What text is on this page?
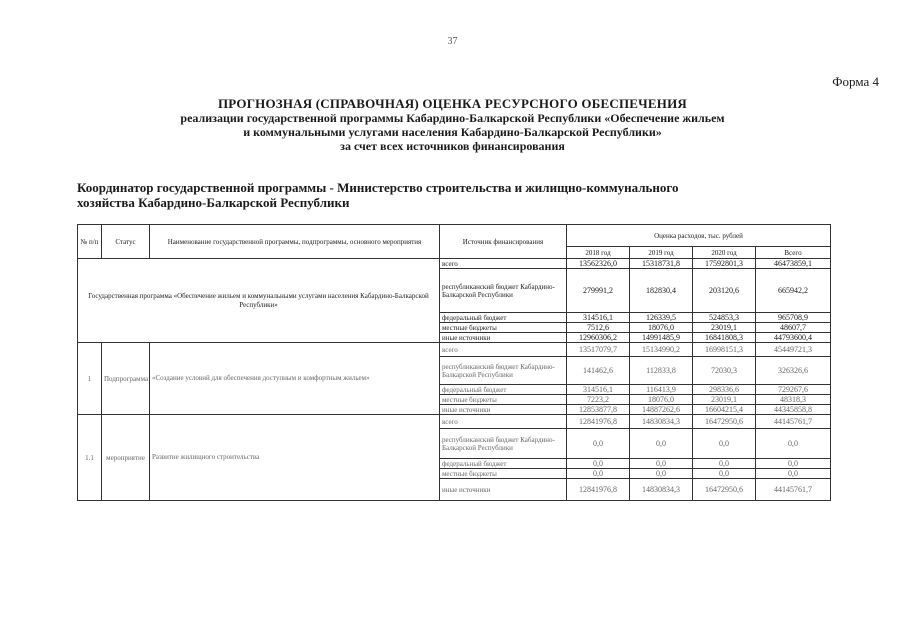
37
Форма 4
ПРОГНОЗНАЯ (СПРАВОЧНАЯ) ОЦЕНКА РЕСУРСНОГО ОБЕСПЕЧЕНИЯ
реализации государственной программы Кабардино-Балкарской Республики «Обеспечение жильем
и коммунальными услугами населения Кабардино-Балкарской Республики»
за счет всех источников финансирования
Координатор государственной программы - Министерство строительства и жилищно-коммунального
хозяйства Кабардино-Балкарской Республики
№ п/п	Статус	Наименование государственной программы, подпрограммы, основного мероприятия	Источник финансирования	Оценка расходов, тыс. рублей			
				2018 год	2019 год	2020 год	Всего
Государственная программа «Обеспечение жильем и коммунальными услугами населения Кабардино-Балкарской Республики»			всего	13562326,0	15318731,8	17592801,3	46473859,1
			республиканский бюджет Кабардино-Балкарской Республики	279991,2	182830,4	203120,6	665942,2
			федеральный бюджет	314516,1	126339,5	524853,3	965708,9
			местные бюджеты	7512,6	18076,0	23019,1	48607,7
			иные источники	12960306,2	14991485,9	16841808,3	44793600,4
1	Подпрограмма	«Создание условий для обеспечения доступным и комфортным жильем»	всего	13517079,7	15134990,2	16998151,3	45449721,3
			республиканский бюджет Кабардино-Балкарской Республики	141462,6	112833,8	72030,3	326326,6
			федеральный бюджет	314516,1	116413,9	298336,6	729267,6
			местные бюджеты	7223,2	18076,0	23019,1	48318,3
			иные источники	12853877,8	14887262,6	16604215,4	44345858,8
1.1	мероприятие	Развитие жилищного строительства	всего	12841976,8	14830834,3	16472950,6	44145761,7
			республиканский бюджет Кабардино-Балкарской Республики	0,0	0,0	0,0	0,0
			федеральный бюджет	0,0	0,0	0,0	0,0
			местные бюджеты	0,0	0,0	0,0	0,0
			иные источники	12841976,8	14830834,3	16472950,6	44145761,7
